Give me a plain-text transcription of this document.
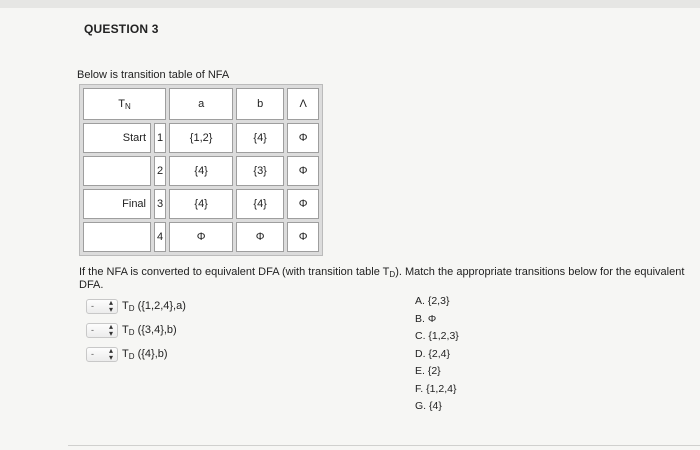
QUESTION 3
Below is transition table of NFA
$T_N$		a	b	Λ
Start	1	{1,2}	{4}	Φ
	2	{4}	{3}	Φ
Final	3	{4}	{4}	Φ
	4	Φ	Φ	Φ
If the NFA is converted to equivalent DFA (with transition table $T_D$). Match the appropriate transitions below for the equivalent DFA.
- ▴
▾ $T_D$ ({1,2,4},a)
- ▴
▾ $T_D$ ({3,4},b)
- ▴
▾ $T_D$ ({4},b)
A. {2,3}
B. Φ
C. {1,2,3}
D. {2,4}
E. {2}
F. {1,2,4}
G. {4}
